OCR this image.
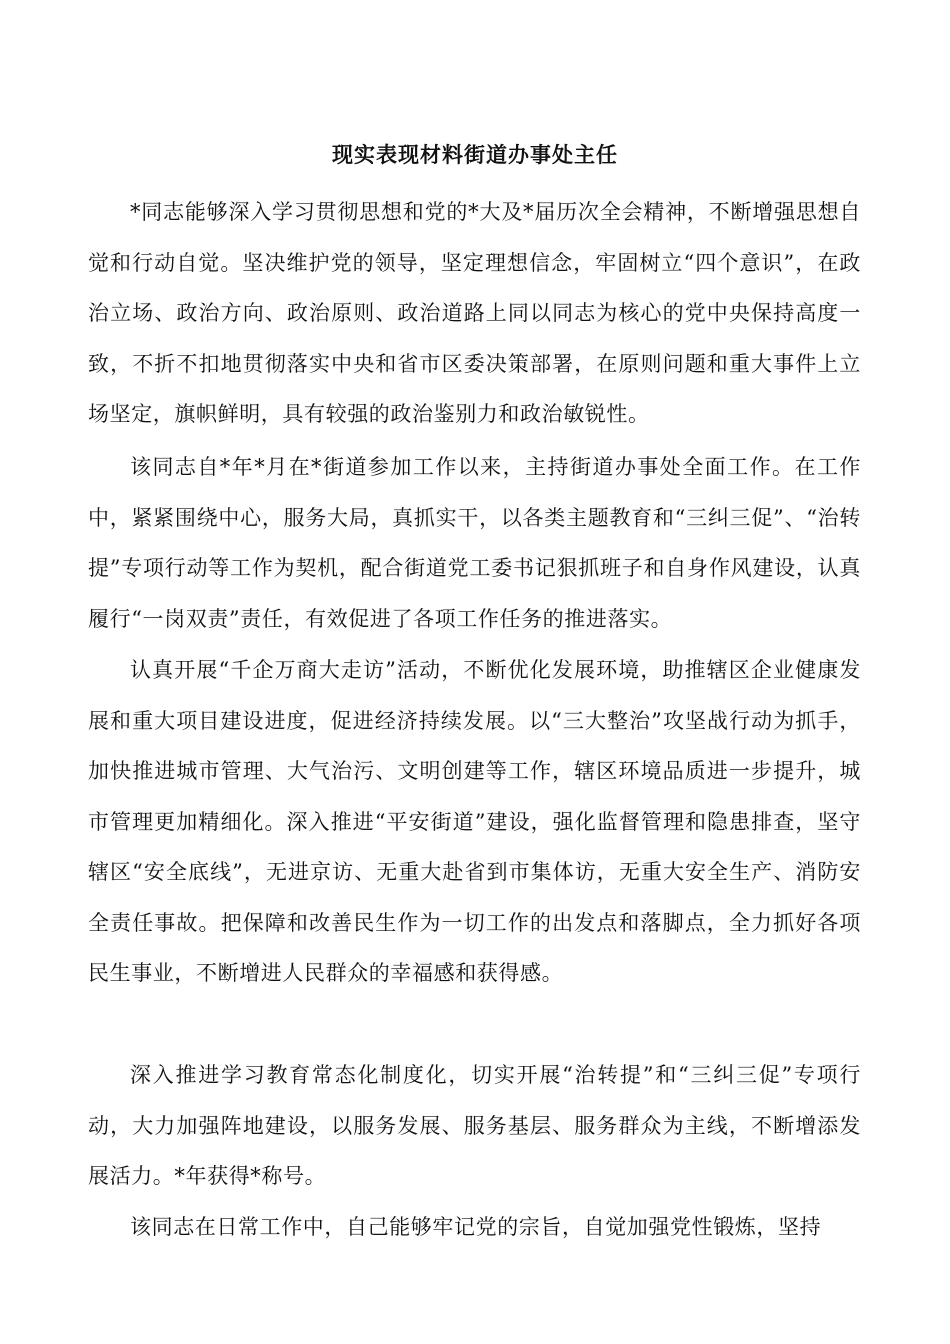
现实表现材料街道办事处主任

*同志能够深入学习贯彻思想和党的*大及*届历次全会精神，不断增强思想自觉和行动自觉。坚决维护党的领导，坚定理想信念，牢固树立“四个意识”，在政治立场、政治方向、政治原则、政治道路上同以同志为核心的党中央保持高度一致，不折不扣地贯彻落实中央和省市区委决策部署，在原则问题和重大事件上立场坚定，旗帜鲜明，具有较强的政治鉴别力和政治敏锐性。

该同志自*年*月在*街道参加工作以来，主持街道办事处全面工作。在工作中，紧紧围绕中心，服务大局，真抓实干，以各类主题教育和“三纠三促”、“治转提”专项行动等工作为契机，配合街道党工委书记狠抓班子和自身作风建设，认真履行“一岗双责”责任，有效促进了各项工作任务的推进落实。

认真开展“千企万商大走访”活动，不断优化发展环境，助推辖区企业健康发展和重大项目建设进度，促进经济持续发展。以“三大整治”攻坚战行动为抓手，加快推进城市管理、大气治污、文明创建等工作，辖区环境品质进一步提升，城市管理更加精细化。深入推进“平安街道”建设，强化监督管理和隐患排查，坚守辖区“安全底线”，无进京访、无重大赴省到市集体访，无重大安全生产、消防安全责任事故。把保障和改善民生作为一切工作的出发点和落脚点，全力抓好各项民生事业，不断增进人民群众的幸福感和获得感。

深入推进学习教育常态化制度化，切实开展“治转提”和“三纠三促”专项行动，大力加强阵地建设，以服务发展、服务基层、服务群众为主线，不断增添发展活力。*年获得*称号。

该同志在日常工作中，自己能够牢记党的宗旨，自觉加强党性锻炼，坚持
